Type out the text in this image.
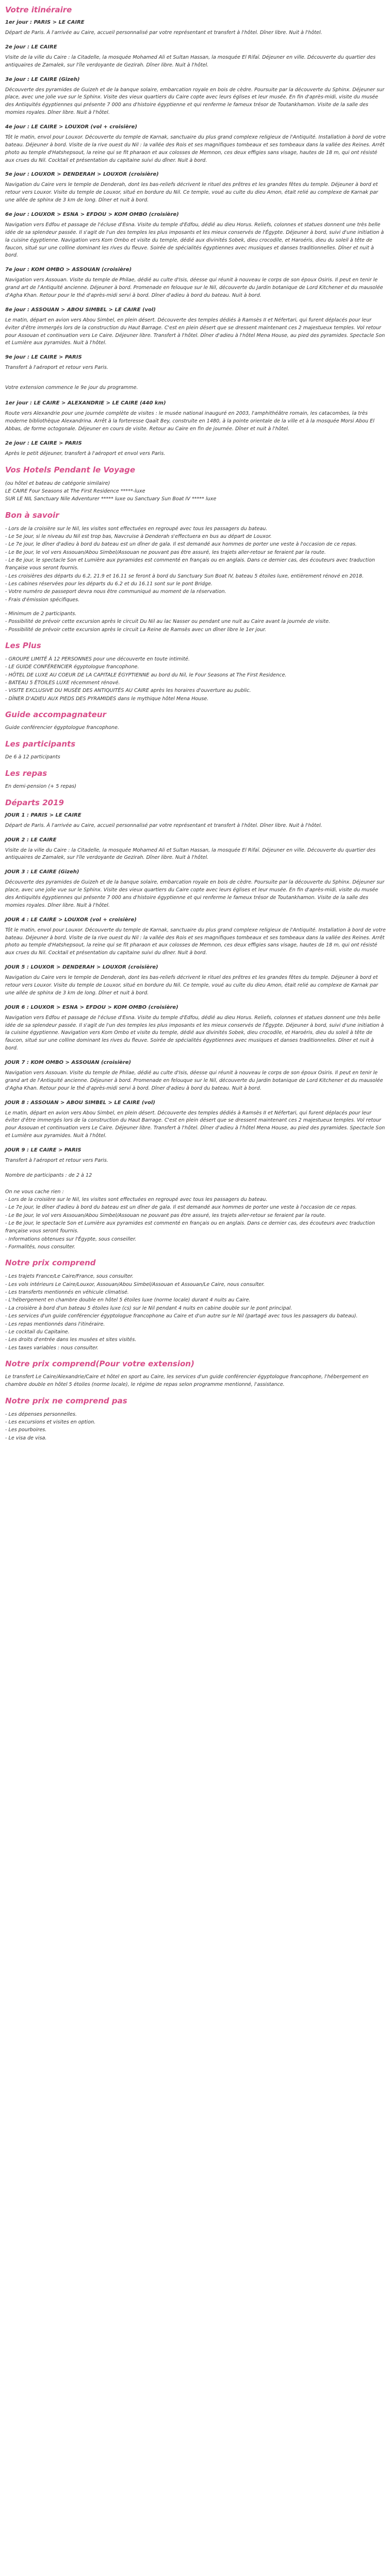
Votre itinéraire

1er jour : PARIS > LE CAIRE

Départ de Paris. À l'arrivée au Caire, accueil personnalisé par votre représentant et transfert à l'hôtel. Dîner libre. Nuit à l'hôtel.

2e jour : LE CAIRE

Visite de la ville du Caire : la Citadelle, la mosquée Mohamed Ali et Sultan Hassan, la mosquée El Rifaï. Déjeuner en ville. Découverte du quartier des antiquaires de Zamalek, sur l'île verdoyante de Gezirah. Dîner libre. Nuit à l'hôtel.

3e jour : LE CAIRE (Gizeh)

Découverte des pyramides de Guizeh et de la banque solaire, embarcation royale en bois de cèdre. Poursuite par la découverte du Sphinx. Déjeuner sur place, avec une jolie vue sur le Sphinx. Visite des vieux quartiers du Caire copte avec leurs églises et leur musée. En fin d'après-midi, visite du musée des Antiquités égyptiennes qui présente 7 000 ans d'histoire égyptienne et qui renferme le fameux trésor de Toutankhamon. Visite de la salle des momies royales. Dîner libre. Nuit à l'hôtel.

4e jour : LE CAIRE > LOUXOR (vol + croisière)

Tôt le matin, envol pour Louxor. Découverte du temple de Karnak, sanctuaire du plus grand complexe religieux de l'Antiquité. Installation à bord de votre bateau. Déjeuner à bord. Visite de la rive ouest du Nil : la vallée des Rois et ses magnifiques tombeaux et ses tombeaux dans la vallée des Reines. Arrêt photo au temple d'Hatshepsout, la reine qui se fit pharaon et aux colosses de Memnon, ces deux effigies sans visage, hautes de 18 m, qui ont résisté aux crues du Nil. Cocktail et présentation du capitaine suivi du dîner. Nuit à bord.

5e jour : LOUXOR > DENDERAH > LOUXOR (croisière)

Navigation du Caire vers le temple de Denderah, dont les bas-reliefs décrivent le rituel des prêtres et les grandes fêtes du temple. Déjeuner à bord et retour vers Louxor. Visite du temple de Louxor, situé en bordure du Nil. Ce temple, voué au culte du dieu Amon, était relié au complexe de Karnak par une allée de sphinx de 3 km de long. Dîner et nuit à bord.

6e jour : LOUXOR > ESNA > EFDOU > KOM OMBO (croisière)

Navigation vers Edfou et passage de l'écluse d'Esna. Visite du temple d'Edfou, dédié au dieu Horus. Reliefs, colonnes et statues donnent une très belle idée de sa splendeur passée. Il s'agit de l'un des temples les plus imposants et les mieux conservés de l'Égypte. Déjeuner à bord, suivi d'une initiation à la cuisine égyptienne. Navigation vers Kom Ombo et visite du temple, dédié aux divinités Sobek, dieu crocodile, et Haroéris, dieu du soleil à tête de faucon, situé sur une colline dominant les rives du fleuve. Soirée de spécialités égyptiennes avec musiques et danses traditionnelles. Dîner et nuit à bord.

7e jour : KOM OMBO > ASSOUAN (croisière)

Navigation vers Assouan. Visite du temple de Philae, dédié au culte d'Isis, déesse qui réunit à nouveau le corps de son époux Osiris. Il peut en tenir le grand art de l'Antiquité ancienne. Déjeuner à bord. Promenade en felouque sur le Nil, découverte du Jardin botanique de Lord Kitchener et du mausolée d'Agha Khan. Retour pour le thé d'après-midi servi à bord. Dîner d'adieu à bord du bateau. Nuit à bord.

8e jour : ASSOUAN > ABOU SIMBEL > LE CAIRE (vol)

Le matin, départ en avion vers Abou Simbel, en plein désert. Découverte des temples dédiés à Ramsès II et Néfertari, qui furent déplacés pour leur éviter d'être immergés lors de la construction du Haut Barrage. C'est en plein désert que se dressent maintenant ces 2 majestueux temples. Vol retour pour Assouan et continuation vers Le Caire. Déjeuner libre. Transfert à l'hôtel. Dîner d'adieu à l'hôtel Mena House, au pied des pyramides. Spectacle Son et Lumière aux pyramides. Nuit à l'hôtel.

9e jour : LE CAIRE > PARIS

Transfert à l'aéroport et retour vers Paris.

Votre extension commence le 9e jour du programme.

1er jour : LE CAIRE > ALEXANDRIE > LE CAIRE (440 km)

Route vers Alexandrie pour une journée complète de visites : le musée national inauguré en 2003, l'amphithéâtre romain, les catacombes, la très moderne bibliothèque Alexandrina. Arrêt à la forteresse Qaaït Bey, construite en 1480, à la pointe orientale de la ville et à la mosquée Morsi Abou El Abbas, de forme octogonale. Déjeuner en cours de visite. Retour au Caire en fin de journée. Dîner et nuit à l'hôtel.

2e jour : LE CAIRE > PARIS

Après le petit déjeuner, transfert à l'aéroport et envol vers Paris.

Vos Hotels Pendant le Voyage

(ou hôtel et bateau de catégorie similaire)

LE CAIRE Four Seasons at The First Residence *****-luxe

SUR LE NIL Sanctuary Nile Adventurer ***** luxe ou Sanctuary Sun Boat IV ***** luxe

Bon à savoir

- Lors de la croisière sur le Nil, les visites sont effectuées en regroupé avec tous les passagers du bateau.

- Le 5e jour, si le niveau du Nil est trop bas, Navcruise à Denderah s'effectuera en bus au départ de Louxor.

- Le 7e jour, le dîner d'adieu à bord du bateau est un dîner de gala. Il est demandé aux hommes de porter une veste à l'occasion de ce repas.

- Le 8e jour, le vol vers Assouan/Abou Simbel/Assouan ne pouvant pas être assuré, les trajets aller-retour se feraient par la route.

- Le 8e jour, le spectacle Son et Lumière aux pyramides est commenté en français ou en anglais. Dans ce dernier cas, des écouteurs avec traduction française vous seront fournis.

- Les croisières des départs du 6.2, 21.9 et 16.11 se feront à bord du Sanctuary Sun Boat IV, bateau 5 étoiles luxe, entièrement rénové en 2018.

- Les cabines réservées pour les départs du 6.2 et du 16.11 sont sur le pont Bridge.

- Votre numéro de passeport devra nous être communiqué au moment de la réservation.

- Frais d'émission spécifiques.

- Minimum de 2 participants.

- Possibilité de prévoir cette excursion après le circuit Du Nil au lac Nasser ou pendant une nuit au Caire avant la journée de visite.

- Possibilité de prévoir cette excursion après le circuit La Reine de Ramsès avec un dîner libre le 1er jour.

Les Plus

- GROUPE LIMITÉ À 12 PERSONNES pour une découverte en toute intimité.

- LE GUIDE CONFÉRENCIER égyptologue francophone.

- HÔTEL DE LUXE AU COEUR DE LA CAPITALE ÉGYPTIENNE au bord du Nil, le Four Seasons at The First Residence.

- BATEAU 5 ÉTOILES LUXE récemment rénové.

- VISITE EXCLUSIVE DU MUSÉE DES ANTIQUITÉS AU CAIRE après les horaires d'ouverture au public.

- DÎNER D'ADIEU AUX PIEDS DES PYRAMIDES dans le mythique hôtel Mena House.

Guide accompagnateur

Guide conférencier égyptologue francophone.

Les participants

De 6 à 12 participants

Les repas

En demi-pension (+ 5 repas)

Départs 2019

JOUR 1 : PARIS > LE CAIRE

Départ de Paris. À l'arrivée au Caire, accueil personnalisé par votre représentant et transfert à l'hôtel. Dîner libre. Nuit à l'hôtel.

JOUR 2 : LE CAIRE

Visite de la ville du Caire : la Citadelle, la mosquée Mohamed Ali et Sultan Hassan, la mosquée El Rifaï. Déjeuner en ville. Découverte du quartier des antiquaires de Zamalek, sur l'île verdoyante de Gezirah. Dîner libre. Nuit à l'hôtel.

JOUR 3 : LE CAIRE (Gizeh)

Découverte des pyramides de Guizeh et de la banque solaire, embarcation royale en bois de cèdre. Poursuite par la découverte du Sphinx. Déjeuner sur place, avec une jolie vue sur le Sphinx. Visite des vieux quartiers du Caire copte avec leurs églises et leur musée. En fin d'après-midi, visite du musée des Antiquités égyptiennes qui présente 7 000 ans d'histoire égyptienne et qui renferme le fameux trésor de Toutankhamon. Visite de la salle des momies royales. Dîner libre. Nuit à l'hôtel.

JOUR 4 : LE CAIRE > LOUXOR (vol + croisière)

Tôt le matin, envol pour Louxor. Découverte du temple de Karnak, sanctuaire du plus grand complexe religieux de l'Antiquité. Installation à bord de votre bateau. Déjeuner à bord. Visite de la rive ouest du Nil : la vallée des Rois et ses magnifiques tombeaux et ses tombeaux dans la vallée des Reines. Arrêt photo au temple d'Hatshepsout, la reine qui se fit pharaon et aux colosses de Memnon, ces deux effigies sans visage, hautes de 18 m, qui ont résisté aux crues du Nil. Cocktail et présentation du capitaine suivi du dîner. Nuit à bord.

JOUR 5 : LOUXOR > DENDERAH > LOUXOR (croisière)

Navigation du Caire vers le temple de Denderah, dont les bas-reliefs décrivent le rituel des prêtres et les grandes fêtes du temple. Déjeuner à bord et retour vers Louxor. Visite du temple de Louxor, situé en bordure du Nil. Ce temple, voué au culte du dieu Amon, était relié au complexe de Karnak par une allée de sphinx de 3 km de long. Dîner et nuit à bord.

JOUR 6 : LOUXOR > ESNA > EFDOU > KOM OMBO (croisière)

Navigation vers Edfou et passage de l'écluse d'Esna. Visite du temple d'Edfou, dédié au dieu Horus. Reliefs, colonnes et statues donnent une très belle idée de sa splendeur passée. Il s'agit de l'un des temples les plus imposants et les mieux conservés de l'Égypte. Déjeuner à bord, suivi d'une initiation à la cuisine égyptienne. Navigation vers Kom Ombo et visite du temple, dédié aux divinités Sobek, dieu crocodile, et Haroéris, dieu du soleil à tête de faucon, situé sur une colline dominant les rives du fleuve. Soirée de spécialités égyptiennes avec musiques et danses traditionnelles. Dîner et nuit à bord.

JOUR 7 : KOM OMBO > ASSOUAN (croisière)

Navigation vers Assouan. Visite du temple de Philae, dédié au culte d'Isis, déesse qui réunit à nouveau le corps de son époux Osiris. Il peut en tenir le grand art de l'Antiquité ancienne. Déjeuner à bord. Promenade en felouque sur le Nil, découverte du Jardin botanique de Lord Kitchener et du mausolée d'Agha Khan. Retour pour le thé d'après-midi servi à bord. Dîner d'adieu à bord du bateau. Nuit à bord.

JOUR 8 : ASSOUAN > ABOU SIMBEL > LE CAIRE (vol)

Le matin, départ en avion vers Abou Simbel, en plein désert. Découverte des temples dédiés à Ramsès II et Néfertari, qui furent déplacés pour leur éviter d'être immergés lors de la construction du Haut Barrage. C'est en plein désert que se dressent maintenant ces 2 majestueux temples. Vol retour pour Assouan et continuation vers Le Caire. Déjeuner libre. Transfert à l'hôtel. Dîner d'adieu à l'hôtel Mena House, au pied des pyramides. Spectacle Son et Lumière aux pyramides. Nuit à l'hôtel.

JOUR 9 : LE CAIRE > PARIS

Transfert à l'aéroport et retour vers Paris.

Nombre de participants : de 2 à 12

On ne vous cache rien :

- Lors de la croisière sur le Nil, les visites sont effectuées en regroupé avec tous les passagers du bateau.

- Le 7e jour, le dîner d'adieu à bord du bateau est un dîner de gala. Il est demandé aux hommes de porter une veste à l'occasion de ce repas.

- Le 8e jour, le vol vers Assouan/Abou Simbel/Assouan ne pouvant pas être assuré, les trajets aller-retour se feraient par la route.

- Le 8e jour, le spectacle Son et Lumière aux pyramides est commenté en français ou en anglais. Dans ce dernier cas, des écouteurs avec traduction française vous seront fournis.

- Informations obtenues sur l'Égypte, sous conseiller.

- Formalités, nous consulter.

Notre prix comprend

- Les trajets France/Le Caire/France, sous consulter.

- Les vols intérieurs Le Caire/Louxor, Assouan/Abou Simbel/Assouan et Assouan/Le Caire, nous consulter.

- Les transferts mentionnés en véhicule climatisé.

- L'hébergement en chambre double en hôtel 5 étoiles luxe (norme locale) durant 4 nuits au Caire.

- La croisière à bord d'un bateau 5 étoiles luxe (cs) sur le Nil pendant 4 nuits en cabine double sur le pont principal.

- Les services d'un guide conférencier égyptologue francophone au Caire et d'un autre sur le Nil (partagé avec tous les passagers du bateau).

- Les repas mentionnés dans l'itinéraire.

- Le cocktail du Capitaine.

- Les droits d'entrée dans les musées et sites visités.

- Les taxes variables : nous consulter.

Notre prix comprend(Pour votre extension)

Le transfert Le Caire/Alexandrie/Caire et hôtel en sport au Caire, les services d'un guide conférencier égyptologue francophone, l'hébergement en chambre double en hôtel 5 étoiles (norme locale), le régime de repas selon programme mentionné, l'assistance.

Notre prix ne comprend pas

- Les dépenses personnelles.

- Les excursions et visites en option.

- Les pourboires.

- Le visa de visa.
